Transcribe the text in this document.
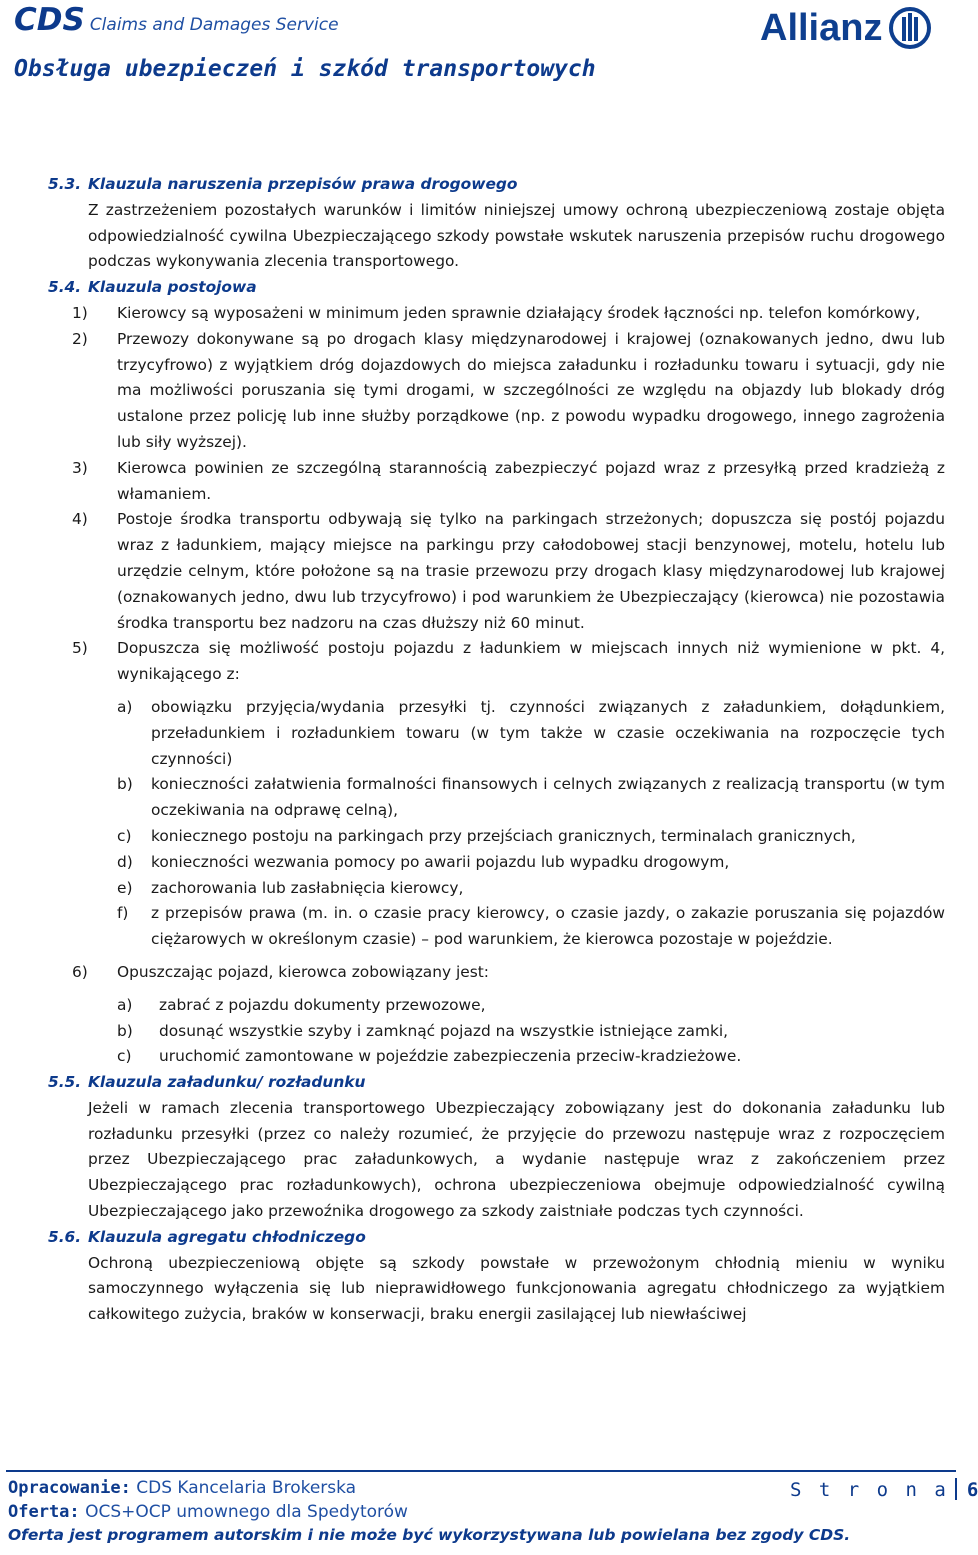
CDS Claims and Damages Service
Obsługa ubezpieczeń i szkód transportowych
Allianz
5.3. Klauzula naruszenia przepisów prawa drogowego
Z zastrzeżeniem pozostałych warunków i limitów niniejszej umowy ochroną ubezpieczeniową zostaje objęta odpowiedzialność cywilna Ubezpieczającego szkody powstałe wskutek naruszenia przepisów ruchu drogowego podczas wykonywania zlecenia transportowego.
5.4. Klauzula postojowa
1)	Kierowcy są wyposażeni w minimum jeden sprawnie działający środek łączności np. telefon komórkowy,
2)	Przewozy dokonywane są po drogach klasy międzynarodowej i krajowej (oznakowanych jedno, dwu lub trzycyfrowo) z wyjątkiem dróg dojazdowych do miejsca załadunku i rozładunku towaru i sytuacji, gdy nie ma możliwości poruszania się tymi drogami, w szczególności ze względu na objazdy lub blokady dróg ustalone przez policję lub inne służby porządkowe (np. z powodu wypadku drogowego, innego zagrożenia lub siły wyższej).
3)	Kierowca powinien ze szczególną starannością zabezpieczyć pojazd wraz z przesyłką przed kradzieżą z włamaniem.
4)	Postoje środka transportu odbywają się tylko na parkingach strzeżonych; dopuszcza się postój pojazdu wraz z ładunkiem, mający miejsce na parkingu przy całodobowej stacji benzynowej, motelu, hotelu lub urzędzie celnym, które położone są na trasie przewozu przy drogach klasy międzynarodowej lub krajowej (oznakowanych jedno, dwu lub trzycyfrowo) i pod warunkiem że Ubezpieczający (kierowca) nie pozostawia środka transportu bez nadzoru na czas dłuższy niż 60 minut.
5)	Dopuszcza się możliwość postoju pojazdu z ładunkiem w miejscach innych niż wymienione w pkt. 4, wynikającego z:
a)	obowiązku przyjęcia/wydania przesyłki tj. czynności związanych z załadunkiem, dołądunkiem, przeładunkiem i rozładunkiem towaru (w tym także w czasie oczekiwania na rozpoczęcie tych czynności)
b)	konieczności załatwienia formalności finansowych i celnych związanych z realizacją transportu (w tym oczekiwania na odprawę celną),
c)	koniecznego postoju na parkingach przy przejściach granicznych, terminalach granicznych,
d)	konieczności wezwania pomocy po awarii pojazdu lub wypadku drogowym,
e)	zachorowania lub zasłabnięcia kierowcy,
f)	z przepisów prawa (m. in. o czasie pracy kierowcy, o czasie jazdy, o zakazie poruszania się pojazdów ciężarowych w określonym czasie) – pod warunkiem, że kierowca pozostaje w pojeździe.
6)	Opuszczając pojazd, kierowca zobowiązany jest:
a)	zabrać z pojazdu dokumenty przewozowe,
b)	dosunąć wszystkie szyby i zamknąć pojazd na wszystkie istniejące zamki,
c)	uruchomić zamontowane w pojeździe zabezpieczenia przeciw-kradzieżowe.
5.5. Klauzula załadunku/ rozładunku
Jeżeli w ramach zlecenia transportowego Ubezpieczający zobowiązany jest do dokonania załadunku lub rozładunku przesyłki (przez co należy rozumieć, że przyjęcie do przewozu następuje wraz z rozpoczęciem przez Ubezpieczającego prac załadunkowych, a wydanie następuje wraz z zakończeniem przez Ubezpieczającego prac rozładunkowych), ochrona ubezpieczeniowa obejmuje odpowiedzialność cywilną Ubezpieczającego jako przewoźnika drogowego za szkody zaistniałe podczas tych czynności.
5.6. Klauzula agregatu chłodniczego
Ochroną ubezpieczeniową objęte są szkody powstałe w przewożonym chłodnią mieniu w wyniku samoczynnego wyłączenia się lub nieprawidłowego funkcjonowania agregatu chłodniczego za wyjątkiem całkowitego zużycia, braków w konserwacji, braku energii zasilającej lub niewłaściwej
Opracowanie: CDS Kancelaria Brokerska
Oferta: OCS+OCP umownego dla Spedytorów
Oferta jest programem autorskim i nie może być wykorzystywana lub powielana bez zgody CDS.
S t r o n a 6
